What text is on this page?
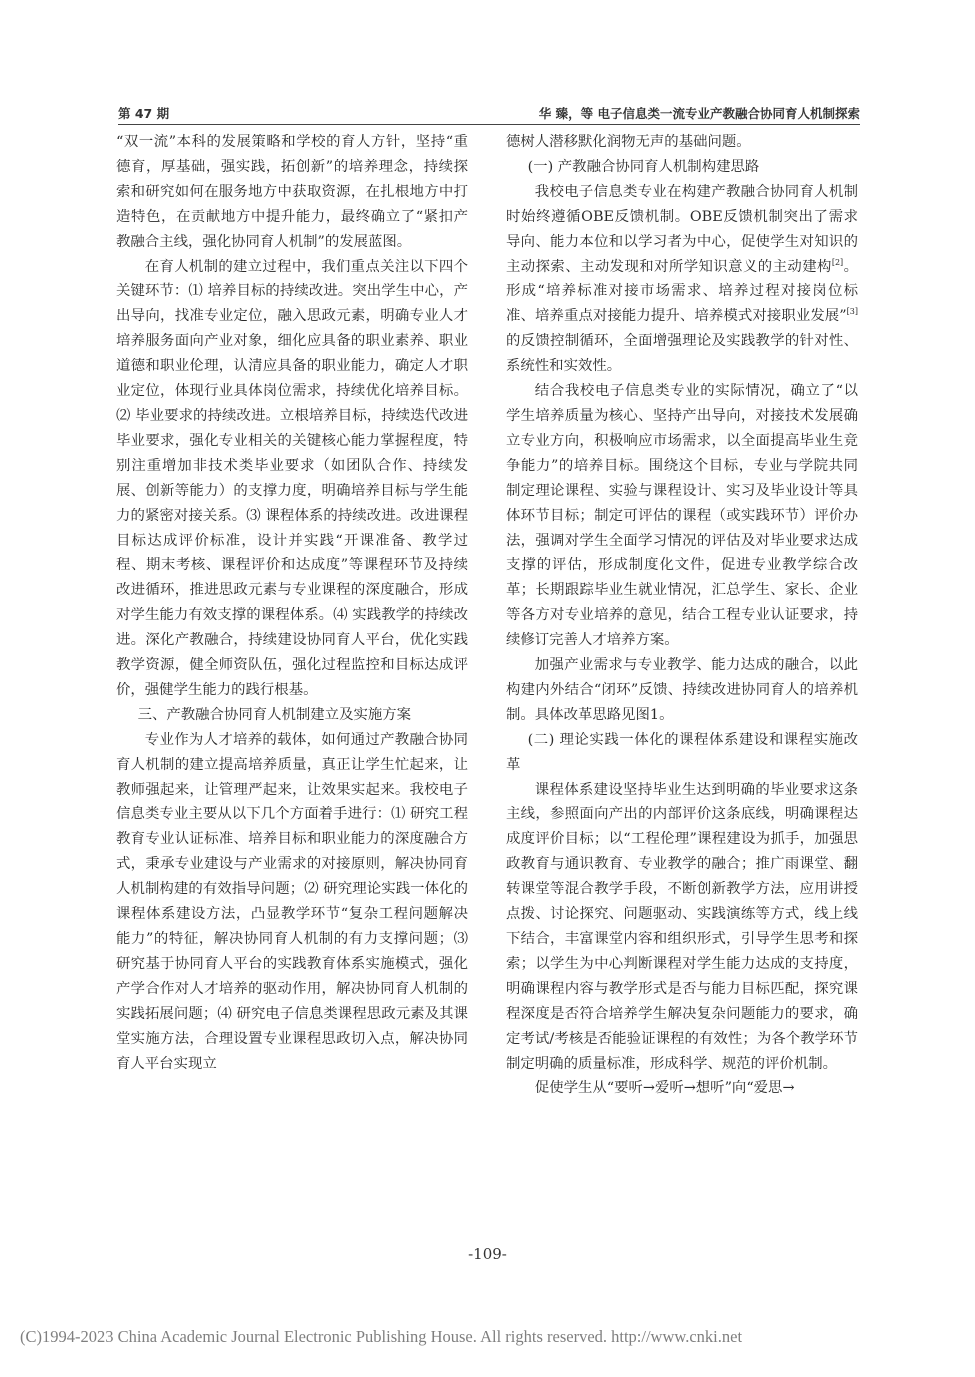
第 47 期	华 臻，等 电子信息类一流专业产教融合协同育人机制探索

“双一流”本科的发展策略和学校的育人方针，坚持“重德育，厚基础，强实践，拓创新”的培养理念，持续探索和研究如何在服务地方中获取资源，在扎根地方中打造特色，在贡献地方中提升能力，最终确立了“紧扣产教融合主线，强化协同育人机制”的发展蓝图。

在育人机制的建立过程中，我们重点关注以下四个关键环节：⑴ 培养目标的持续改进。突出学生中心，产出导向，找准专业定位，融入思政元素，明确专业人才培养服务面向产业对象，细化应具备的职业素养、职业道德和职业伦理，认清应具备的职业能力，确定人才职业定位，体现行业具体岗位需求，持续优化培养目标。⑵ 毕业要求的持续改进。立根培养目标，持续迭代改进毕业要求，强化专业相关的关键核心能力掌握程度，特别注重增加非技术类毕业要求（如团队合作、持续发展、创新等能力）的支撑力度，明确培养目标与学生能力的紧密对接关系。⑶ 课程体系的持续改进。改进课程目标达成评价标准，设计并实践“开课准备、教学过程、期末考核、课程评价和达成度”等课程环节及持续改进循环，推进思政元素与专业课程的深度融合，形成对学生能力有效支撑的课程体系。⑷ 实践教学的持续改进。深化产教融合，持续建设协同育人平台，优化实践教学资源，健全师资队伍，强化过程监控和目标达成评价，强健学生能力的践行根基。

三、产教融合协同育人机制建立及实施方案

专业作为人才培养的载体，如何通过产教融合协同育人机制的建立提高培养质量，真正让学生忙起来，让教师强起来，让管理严起来，让效果实起来。我校电子信息类专业主要从以下几个方面着手进行：⑴ 研究工程教育专业认证标准、培养目标和职业能力的深度融合方式，秉承专业建设与产业需求的对接原则，解决协同育人机制构建的有效指导问题；⑵ 研究理论实践一体化的课程体系建设方法，凸显教学环节“复杂工程问题解决能力”的特征，解决协同育人机制的有力支撑问题；⑶ 研究基于协同育人平台的实践教育体系实施模式，强化产学合作对人才培养的驱动作用，解决协同育人机制的实践拓展问题；⑷ 研究电子信息类课程思政元素及其课堂实施方法，合理设置专业课程思政切入点，解决协同育人平台实现立

德树人潜移默化润物无声的基础问题。

(一) 产教融合协同育人机制构建思路

我校电子信息类专业在构建产教融合协同育人机制时始终遵循OBE反馈机制。OBE反馈机制突出了需求导向、能力本位和以学习者为中心，促使学生对知识的主动探索、主动发现和对所学知识意义的主动建构[2]。形成“培养标准对接市场需求、培养过程对接岗位标准、培养重点对接能力提升、培养模式对接职业发展”[3]的反馈控制循环，全面增强理论及实践教学的针对性、系统性和实效性。

结合我校电子信息类专业的实际情况，确立了“以学生培养质量为核心、坚持产出导向，对接技术发展确立专业方向，积极响应市场需求，以全面提高毕业生竞争能力”的培养目标。围绕这个目标，专业与学院共同制定理论课程、实验与课程设计、实习及毕业设计等具体环节目标；制定可评估的课程（或实践环节）评价办法，强调对学生全面学习情况的评估及对毕业要求达成支撑的评估，形成制度化文件，促进专业教学综合改革；长期跟踪毕业生就业情况，汇总学生、家长、企业等各方对专业培养的意见，结合工程专业认证要求，持续修订完善人才培养方案。

加强产业需求与专业教学、能力达成的融合，以此构建内外结合“闭环”反馈、持续改进协同育人的培养机制。具体改革思路见图1。

(二) 理论实践一体化的课程体系建设和课程实施改革

课程体系建设坚持毕业生达到明确的毕业要求这条主线，参照面向产出的内部评价这条底线，明确课程达成度评价目标；以“工程伦理”课程建设为抓手，加强思政教育与通识教育、专业教学的融合；推广雨课堂、翻转课堂等混合教学手段，不断创新教学方法，应用讲授点拨、讨论探究、问题驱动、实践演练等方式，线上线下结合，丰富课堂内容和组织形式，引导学生思考和探索；以学生为中心判断课程对学生能力达成的支持度，明确课程内容与教学形式是否与能力目标匹配，探究课程深度是否符合培养学生解决复杂问题能力的要求，确定考试/考核是否能验证课程的有效性；为各个教学环节制定明确的质量标准，形成科学、规范的评价机制。

促使学生从“要听→爱听→想听”向“爱思→

-109-
(C)1994-2023 China Academic Journal Electronic Publishing House. All rights reserved. http://www.cnki.net
